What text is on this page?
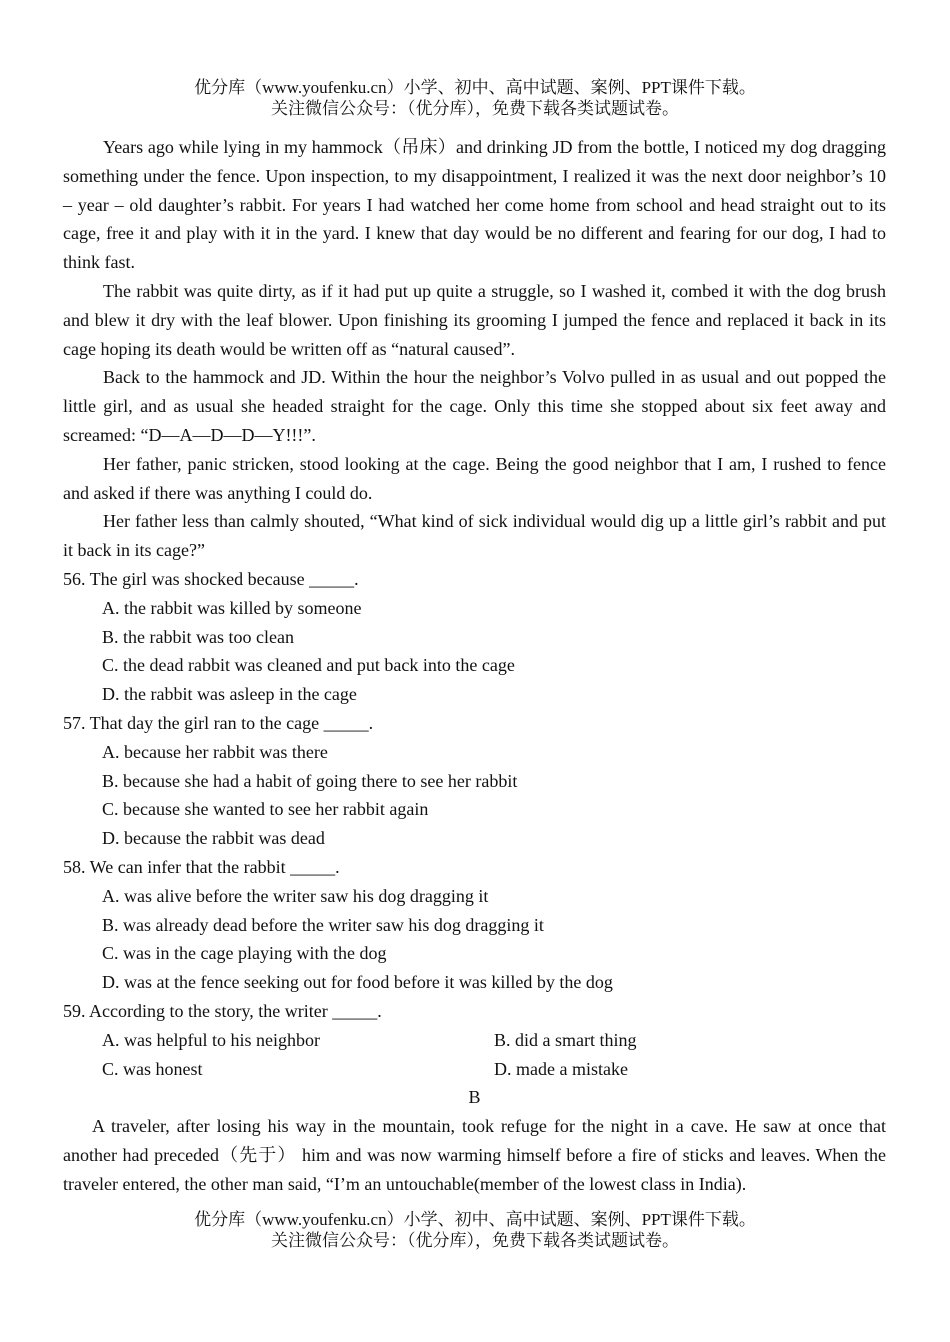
优分库（www.youfenku.cn）小学、初中、高中试题、案例、PPT课件下载。
关注微信公众号：（优分库），免费下载各类试题试卷。

Years ago while lying in my hammock（吊床）and drinking JD from the bottle, I noticed my dog dragging something under the fence. Upon inspection, to my disappointment, I realized it was the next door neighbor’s 10 – year – old daughter’s rabbit. For years I had watched her come home from school and head straight out to its cage, free it and play with it in the yard. I knew that day would be no different and fearing for our dog, I had to think fast.

The rabbit was quite dirty, as if it had put up quite a struggle, so I washed it, combed it with the dog brush and blew it dry with the leaf blower. Upon finishing its grooming I jumped the fence and replaced it back in its cage hoping its death would be written off as “natural caused”.

Back to the hammock and JD. Within the hour the neighbor’s Volvo pulled in as usual and out popped the little girl, and as usual she headed straight for the cage. Only this time she stopped about six feet away and screamed: “D—A—D—D—Y!!!”.

Her father, panic stricken, stood looking at the cage. Being the good neighbor that I am, I rushed to fence and asked if there was anything I could do.

Her father less than calmly shouted, “What kind of sick individual would dig up a little girl’s rabbit and put it back in its cage?”

56. The girl was shocked because _____.

A. the rabbit was killed by someone

B. the rabbit was too clean

C. the dead rabbit was cleaned and put back into the cage

D. the rabbit was asleep in the cage

57. That day the girl ran to the cage _____.

A. because her rabbit was there

B. because she had a habit of going there to see her rabbit

C. because she wanted to see her rabbit again

D. because the rabbit was dead

58. We can infer that the rabbit _____.

A. was alive before the writer saw his dog dragging it

B. was already dead before the writer saw his dog dragging it

C. was in the cage playing with the dog

D. was at the fence seeking out for food before it was killed by the dog

59. According to the story, the writer _____.

A. was helpful to his neighbor	B. did a smart thing
C. was honest	D. made a mistake

B

A traveler, after losing his way in the mountain, took refuge for the night in a cave. He saw at once that another had preceded（先于） him and was now warming himself before a fire of sticks and leaves. When the traveler entered, the other man said, “I’m an untouchable(member of the lowest class in India).

优分库（www.youfenku.cn）小学、初中、高中试题、案例、PPT课件下载。
关注微信公众号：（优分库），免费下载各类试题试卷。
